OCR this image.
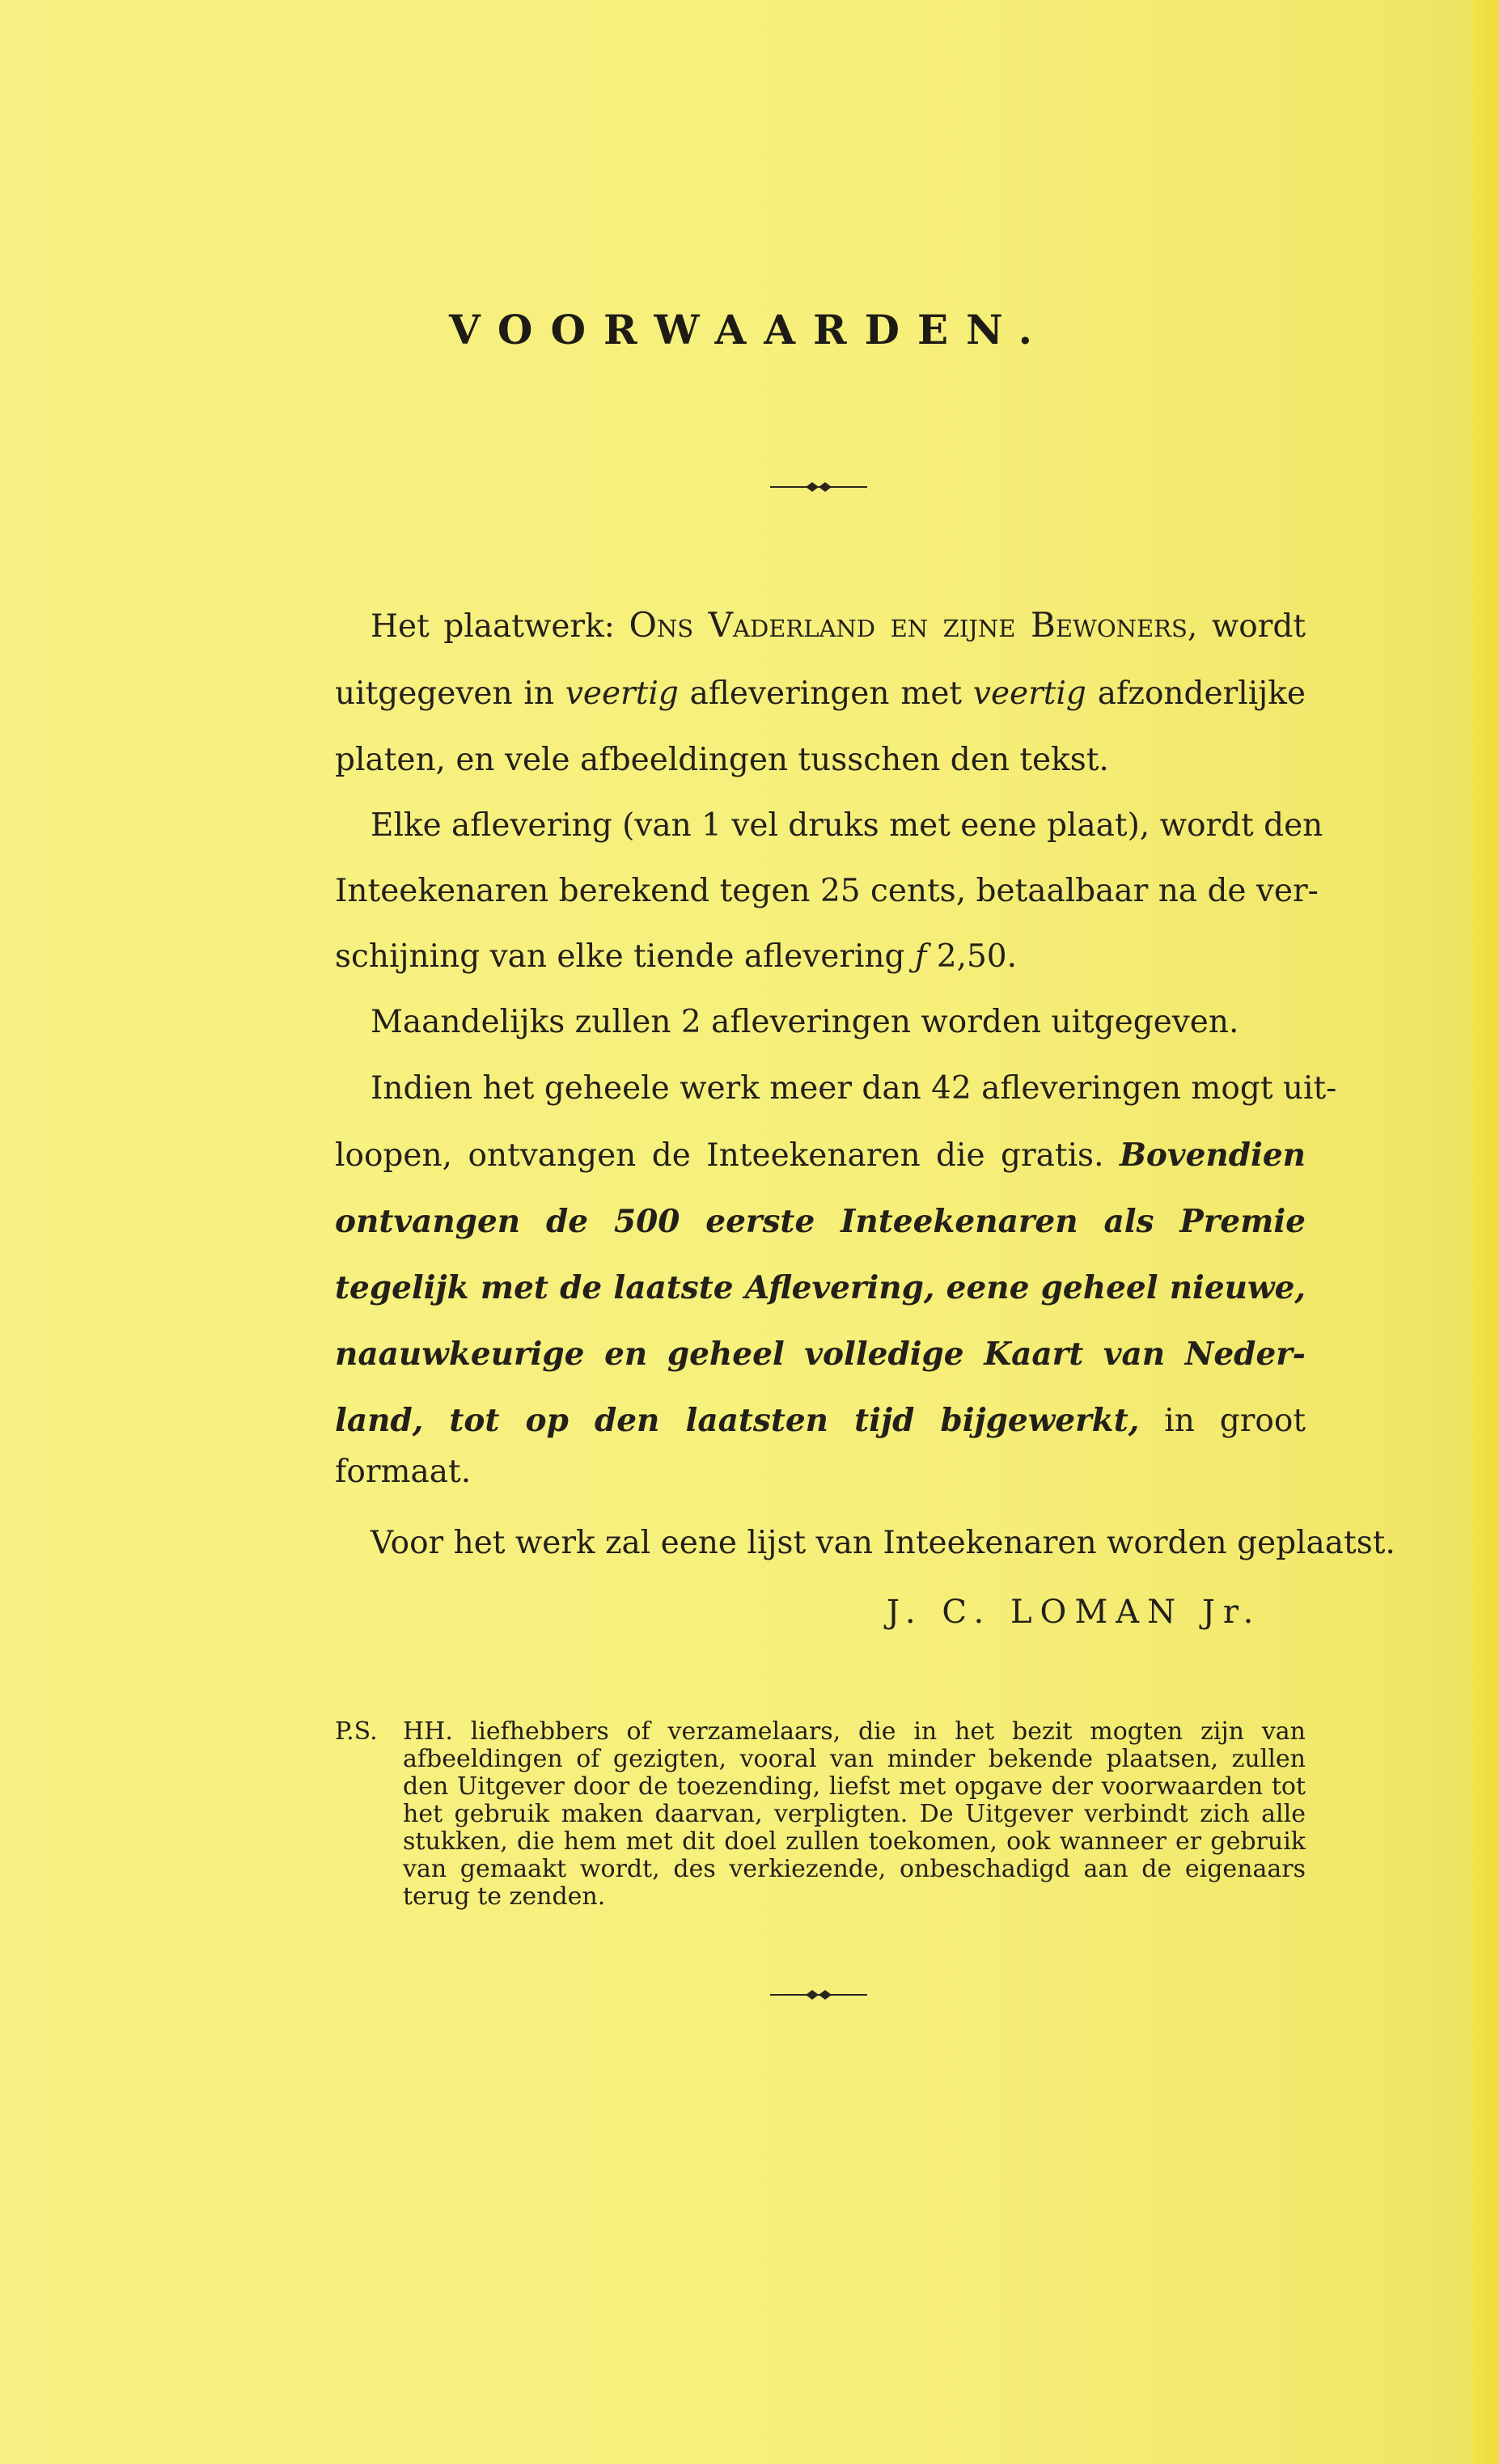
VOORWAARDEN.
Het plaatwerk: Ons Vaderland en zijne Bewoners, wordt
uitgegeven in veertig afleveringen met veertig afzonderlijke
platen, en vele afbeeldingen tusschen den tekst.
Elke aflevering (van 1 vel druks met eene plaat), wordt den
Inteekenaren berekend tegen 25 cents, betaalbaar na de ver-
schijning van elke tiende aflevering ƒ 2,50.
Maandelijks zullen 2 afleveringen worden uitgegeven.
Indien het geheele werk meer dan 42 afleveringen mogt uit-
loopen, ontvangen de Inteekenaren die gratis. Bovendien
ontvangen de 500 eerste Inteekenaren als Premie
tegelijk met de laatste Aflevering, eene geheel nieuwe,
naauwkeurige en geheel volledige Kaart van Neder-
land, tot op den laatsten tijd bijgewerkt, in groot
formaat.
Voor het werk zal eene lijst van Inteekenaren worden geplaatst.
J. C. LOMAN Jr.
P.S. HH. liefhebbers of verzamelaars, die in het bezit mogten zijn van afbeeldingen of gezigten, vooral van minder bekende plaatsen, zullen den Uitgever door de toezending, liefst met opgave der voorwaarden tot het gebruik maken daarvan, verpligten. De Uitgever verbindt zich alle stukken, die hem met dit doel zullen toekomen, ook wanneer er gebruik van gemaakt wordt, des verkiezende, onbeschadigd aan de eigenaars terug te zenden.
